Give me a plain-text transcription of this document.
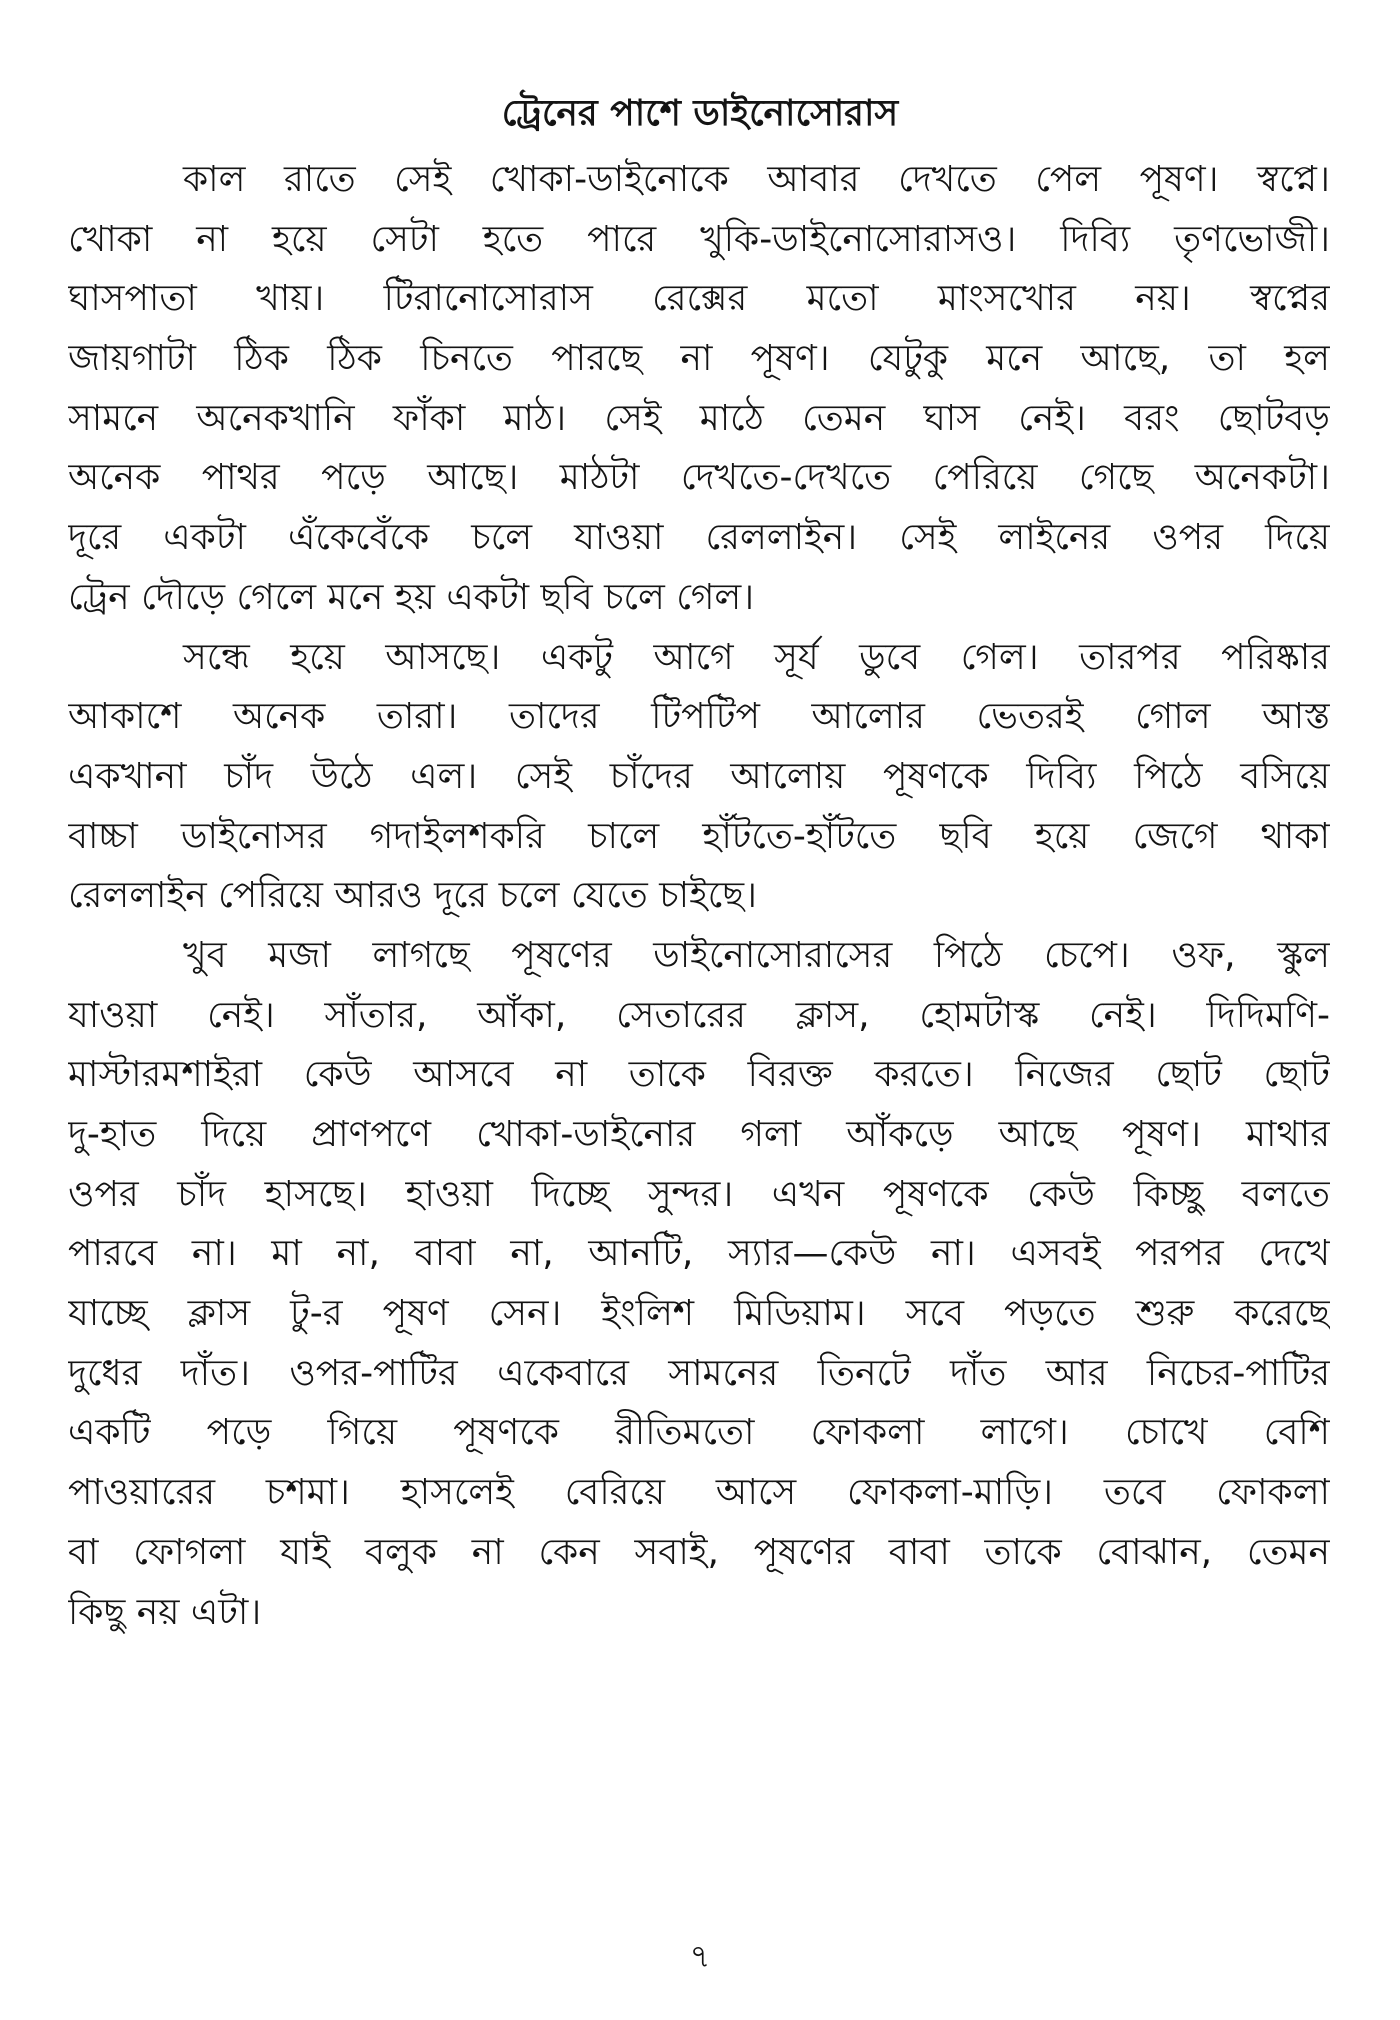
ট্রেনের পাশে ডাইনোসোরাস
কাল রাতে সেই খোকা-ডাইনোকে আবার দেখতে পেল পূষণ। স্বপ্নে।
খোকা না হয়ে সেটা হতে পারে খুকি-ডাইনোসোরাসও। দিব্যি তৃণভোজী।
ঘাসপাতা খায়। টিরানোসোরাস রেক্সের মতো মাংসখোর নয়। স্বপ্নের
জায়গাটা ঠিক ঠিক চিনতে পারছে না পূষণ। যেটুকু মনে আছে, তা হল
সামনে অনেকখানি ফাঁকা মাঠ। সেই মাঠে তেমন ঘাস নেই। বরং ছোটবড়
অনেক পাথর পড়ে আছে। মাঠটা দেখতে-দেখতে পেরিয়ে গেছে অনেকটা।
দূরে একটা এঁকেবেঁকে চলে যাওয়া রেললাইন। সেই লাইনের ওপর দিয়ে
ট্রেন দৌড়ে গেলে মনে হয় একটা ছবি চলে গেল।
সন্ধে হয়ে আসছে। একটু আগে সূর্য ডুবে গেল। তারপর পরিষ্কার
আকাশে অনেক তারা। তাদের টিপটিপ আলোর ভেতরই গোল আস্ত
একখানা চাঁদ উঠে এল। সেই চাঁদের আলোয় পূষণকে দিব্যি পিঠে বসিয়ে
বাচ্চা ডাইনোসর গদাইলশকরি চালে হাঁটতে-হাঁটতে ছবি হয়ে জেগে থাকা
রেললাইন পেরিয়ে আরও দূরে চলে যেতে চাইছে।
খুব মজা লাগছে পূষণের ডাইনোসোরাসের পিঠে চেপে। ওফ, স্কুল
যাওয়া নেই। সাঁতার, আঁকা, সেতারের ক্লাস, হোমটাস্ক নেই। দিদিমণি-
মাস্টারমশাইরা কেউ আসবে না তাকে বিরক্ত করতে। নিজের ছোট ছোট
দু-হাত দিয়ে প্রাণপণে খোকা-ডাইনোর গলা আঁকড়ে আছে পূষণ। মাথার
ওপর চাঁদ হাসছে। হাওয়া দিচ্ছে সুন্দর। এখন পূষণকে কেউ কিচ্ছু বলতে
পারবে না। মা না, বাবা না, আনটি, স্যার—কেউ না। এসবই পরপর দেখে
যাচ্ছে ক্লাস টু-র পূষণ সেন। ইংলিশ মিডিয়াম। সবে পড়তে শুরু করেছে
দুধের দাঁত। ওপর-পাটির একেবারে সামনের তিনটে দাঁত আর নিচের-পাটির
একটি পড়ে গিয়ে পূষণকে রীতিমতো ফোকলা লাগে। চোখে বেশি
পাওয়ারের চশমা। হাসলেই বেরিয়ে আসে ফোকলা-মাড়ি। তবে ফোকলা
বা ফোগলা যাই বলুক না কেন সবাই, পূষণের বাবা তাকে বোঝান, তেমন
কিছু নয় এটা।
৭
